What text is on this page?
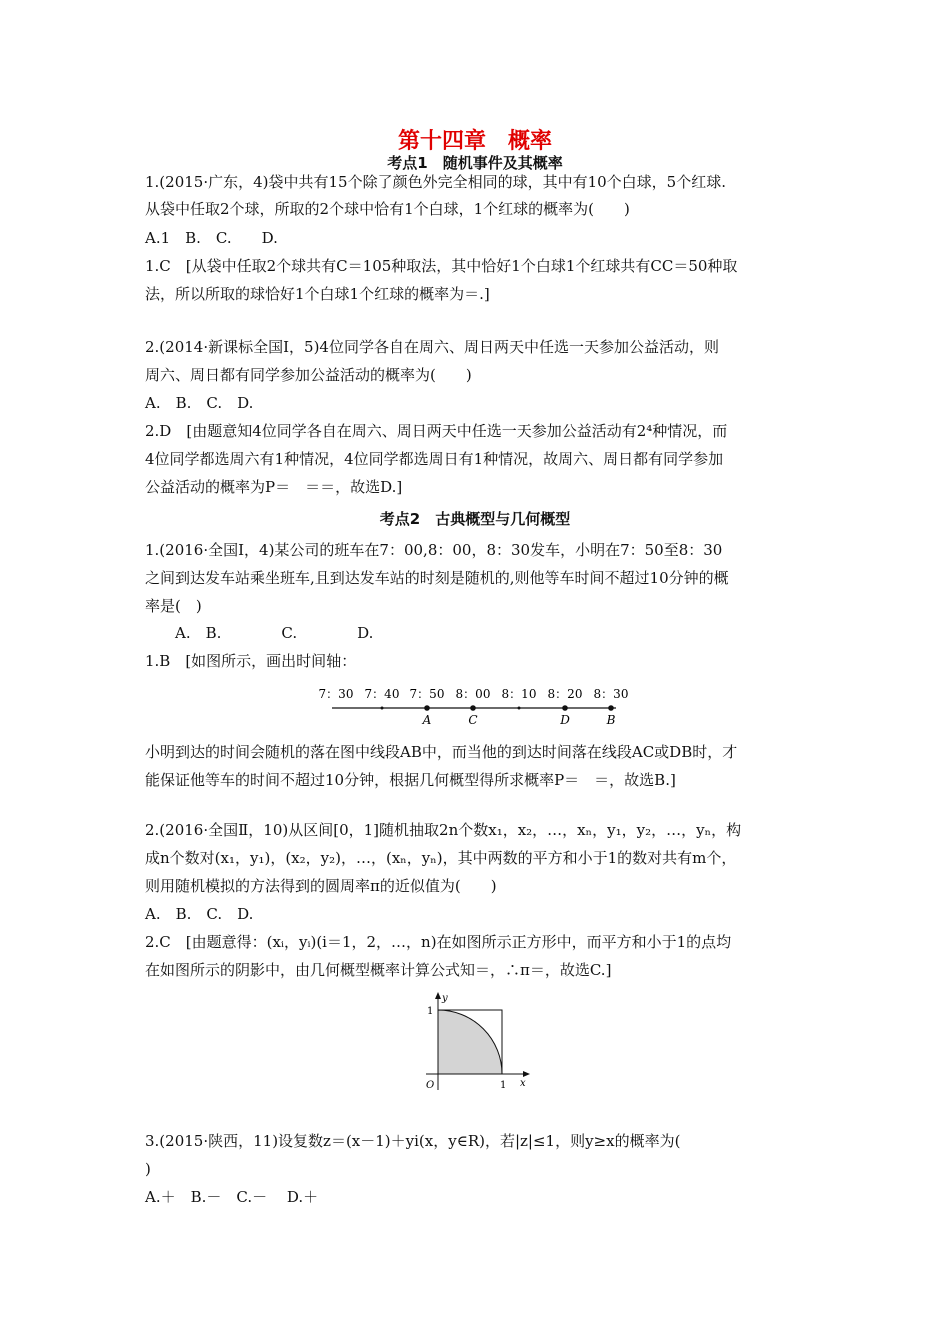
第十四章　概率
考点1　随机事件及其概率
1.(2015·广东，4)袋中共有15个除了颜色外完全相同的球，其中有10个白球，5个红球.
从袋中任取2个球，所取的2个球中恰有1个白球，1个红球的概率为(　　)
A.1　B.　C.　　D.
1.C　[从袋中任取2个球共有C＝105种取法，其中恰好1个白球1个红球共有CC＝50种取
法，所以所取的球恰好1个白球1个红球的概率为＝.]
2.(2014·新课标全国Ⅰ，5)4位同学各自在周六、周日两天中任选一天参加公益活动，则
周六、周日都有同学参加公益活动的概率为(　　)
A.　B.　C.　D.
2.D　[由题意知4位同学各自在周六、周日两天中任选一天参加公益活动有2⁴种情况，而
4位同学都选周六有1种情况，4位同学都选周日有1种情况，故周六、周日都有同学参加
公益活动的概率为P＝　＝＝，故选D.]
考点2　古典概型与几何概型
1.(2016·全国Ⅰ，4)某公司的班车在7：00,8：00，8：30发车，小明在7：50至8：30
之间到达发车站乘坐班车,且到达发车站的时刻是随机的,则他等车时间不超过10分钟的概
率是(　)
　　A.　B.　　　　C.　　　　D.
1.B　[如图所示，画出时间轴：
7：30 7：40 7：50 8：00 8：10 8：20 8：30
A	C	D	B
小明到达的时间会随机的落在图中线段AB中，而当他的到达时间落在线段AC或DB时，才
能保证他等车的时间不超过10分钟，根据几何概型得所求概率P＝　＝，故选B.]
2.(2016·全国Ⅱ，10)从区间[0，1]随机抽取2n个数x₁，x₂，…，xₙ，y₁，y₂，…，yₙ，构
成n个数对(x₁，y₁)，(x₂，y₂)，…，(xₙ，yₙ)，其中两数的平方和小于1的数对共有m个，
则用随机模拟的方法得到的圆周率π的近似值为(　　)
A.　B.　C.　D.
2.C　[由题意得：(xᵢ，yᵢ)(i＝1，2，…，n)在如图所示正方形中，而平方和小于1的点均
在如图所示的阴影中，由几何概型概率计算公式知＝，∴π＝，故选C.]
y
x
O	1
1
3.(2015·陕西，11)设复数z＝(x－1)＋yi(x，y∈R)，若|z|≤1，则y≥x的概率为(
)
A.＋　B.－　C.－　 D.＋
